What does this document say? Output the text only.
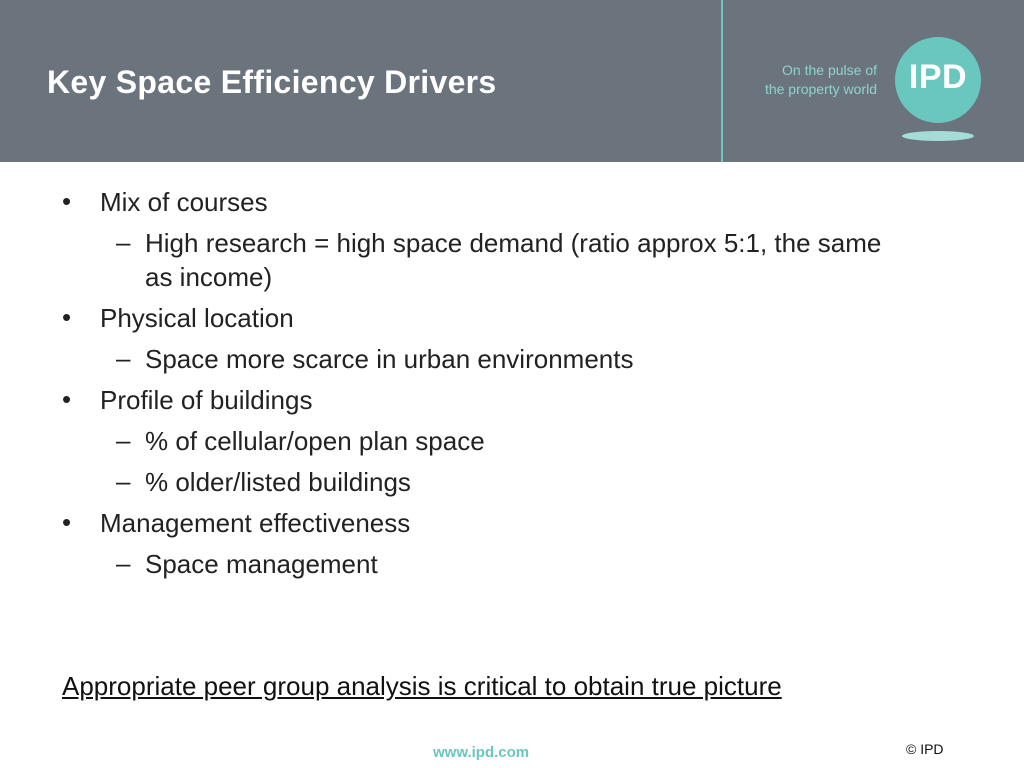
Key Space Efficiency Drivers	On the pulse of
the property world IPD
• Mix of courses
– High research = high space demand (ratio approx 5:1, the same
as income)
• Physical location
– Space more scarce in urban environments
• Profile of buildings
– % of cellular/open plan space
– % older/listed buildings
• Management effectiveness
– Space management
Appropriate peer group analysis is critical to obtain true picture
www.ipd.com	© IPD
